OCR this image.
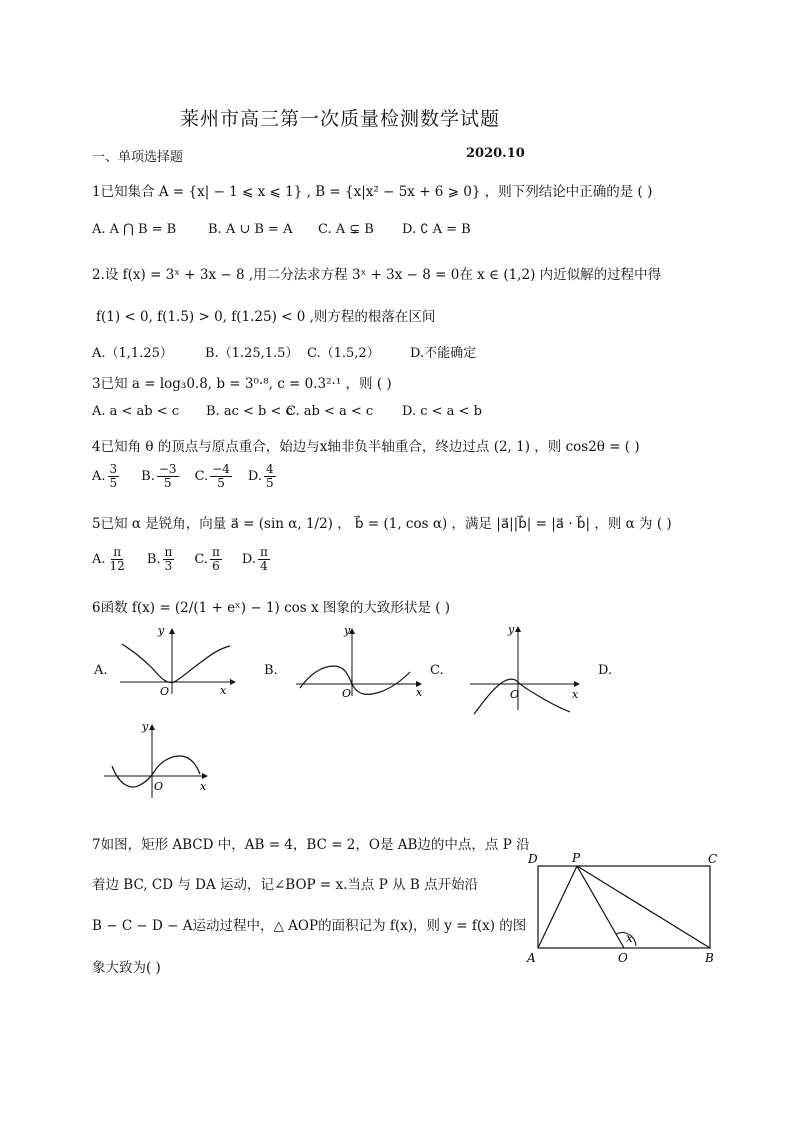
莱州市高三第一次质量检测数学试题
一、单项选择题	2020.10
1已知集合 A = {x| − 1 ⩽ x ⩽ 1} , B = {x|x² − 5x + 6 ⩾ 0} ，则下列结论中正确的是 ( )
A. A ⋂ B = B B. A ∪ B = A C. A ⊊ B D. ∁ A = B
2.设 f(x) = 3ˣ + 3x − 8 ,用二分法求方程 3ˣ + 3x − 8 = 0在 x ∈ (1,2) 内近似解的过程中得
f(1) < 0, f(1.5) > 0, f(1.25) < 0 ,则方程的根落在区间
A.（1,1.25） B.（1.25,1.5） C.（1.5,2） D.不能确定
3已知 a = log₃0.8, b = 3⁰·⁸, c = 0.3²·¹ ，则 ( )
A. a < ab < c B. ac < b < c
C. ab < a < c D. c < a < b
4已知角 θ 的顶点与原点重合，始边与x轴非负半轴重合，终边过点 (2, 1) ，则 cos2θ = ( )
A. $\frac{3}{5} B$. $\frac{-3}{5} C$. $\frac{-4}{5} D$. $\frac{4}{5}$
5已知 α 是锐角，向量 a⃗ = (sin α, 1/2) ， b⃗ = (1, cos α) ，满足 |a⃗||b⃗| = |a⃗ · b⃗| ，则 α 为 ( )
A. $\frac{\pi}{12} B$. $\frac{\pi}{3} C$. $\frac{\pi}{6} D$. $\frac{\pi}{4}$
6函数 f(x) = (2/(1 + eˣ) − 1) cos x 图象的大致形状是 ( )
A.	B.	C.	D.
y
O	x
y
O	x
y
O	x
y
O	x
7如图，矩形 ABCD 中，AB = 4，BC = 2，O是 AB边的中点，点 P 沿
着边 BC, CD 与 DA 运动，记∠BOP = x.当点 P 从 B 点开始沿
B − C − D − A运动过程中，△ AOP的面积记为 f(x)，则 y = f(x) 的图
象大致为( )
D	P	C
A	O	B
x
